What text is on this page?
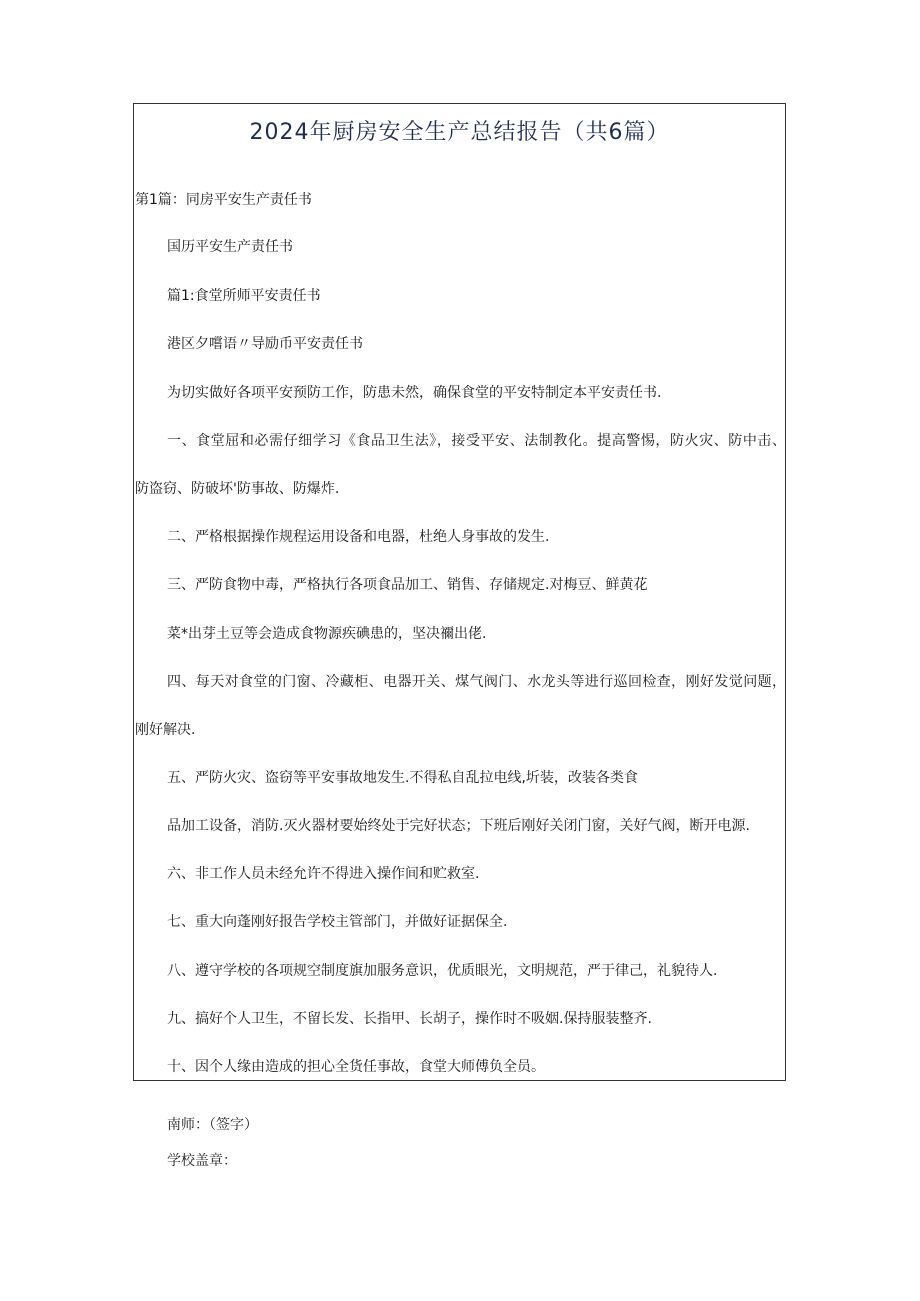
2024年厨房安全生产总结报告（共6篇）

第1篇：同房平安生产责任书

国历平安生产责任书

篇1:食堂所师平安责任书

港区夕嚐语〃导励币平安责任书

为切实做好各项平安预防工作，防患未然，确保食堂的平安特制定本平安责任书.

一、食堂屈和必需仔细学习《食品卫生法》，接受平安、法制教化。提高警惕，防火灾、防中击、

防盗窃、防破坏'防事故、防爆炸.

二、严格根据操作规程运用设备和电器，杜绝人身事故的发生.

三、严防食物中毒，严格执行各项食品加工、销售、存储规定.对梅豆、鲜黄花

菜*出芽土豆等会造成食物源疾碘患的，坚决禰出佬.

四、每天对食堂的门窗、冷藏柜、电器开关、煤气阀门、水龙头等进行巡回检查，刚好发觉问题，

刚好解决.

五、严防火灾、盗窃等平安事故地发生.不得私自乱拉电线,圻装，改装各类食

品加工设备，消防.灭火器材要始终处于完好状态；下班后刚好关闭门窗，关好气阀，断开电源.

六、非工作人员未经允许不得进入操作间和贮救室.

七、重大向蓬刚好报告学校主管部门，并做好证据保全.

八、遵守学校的各项规空制度旗加服务意识，优质眼光，文明规范，严于律己，礼貌待人.

九、搞好个人卫生，不留长发、长指甲、长胡子，操作时不吸姻.保持服装整齐.

十、因个人缘由造成的担心全货任事故，食堂大师傅负全员。

南师：（签字）

学校盖章：
